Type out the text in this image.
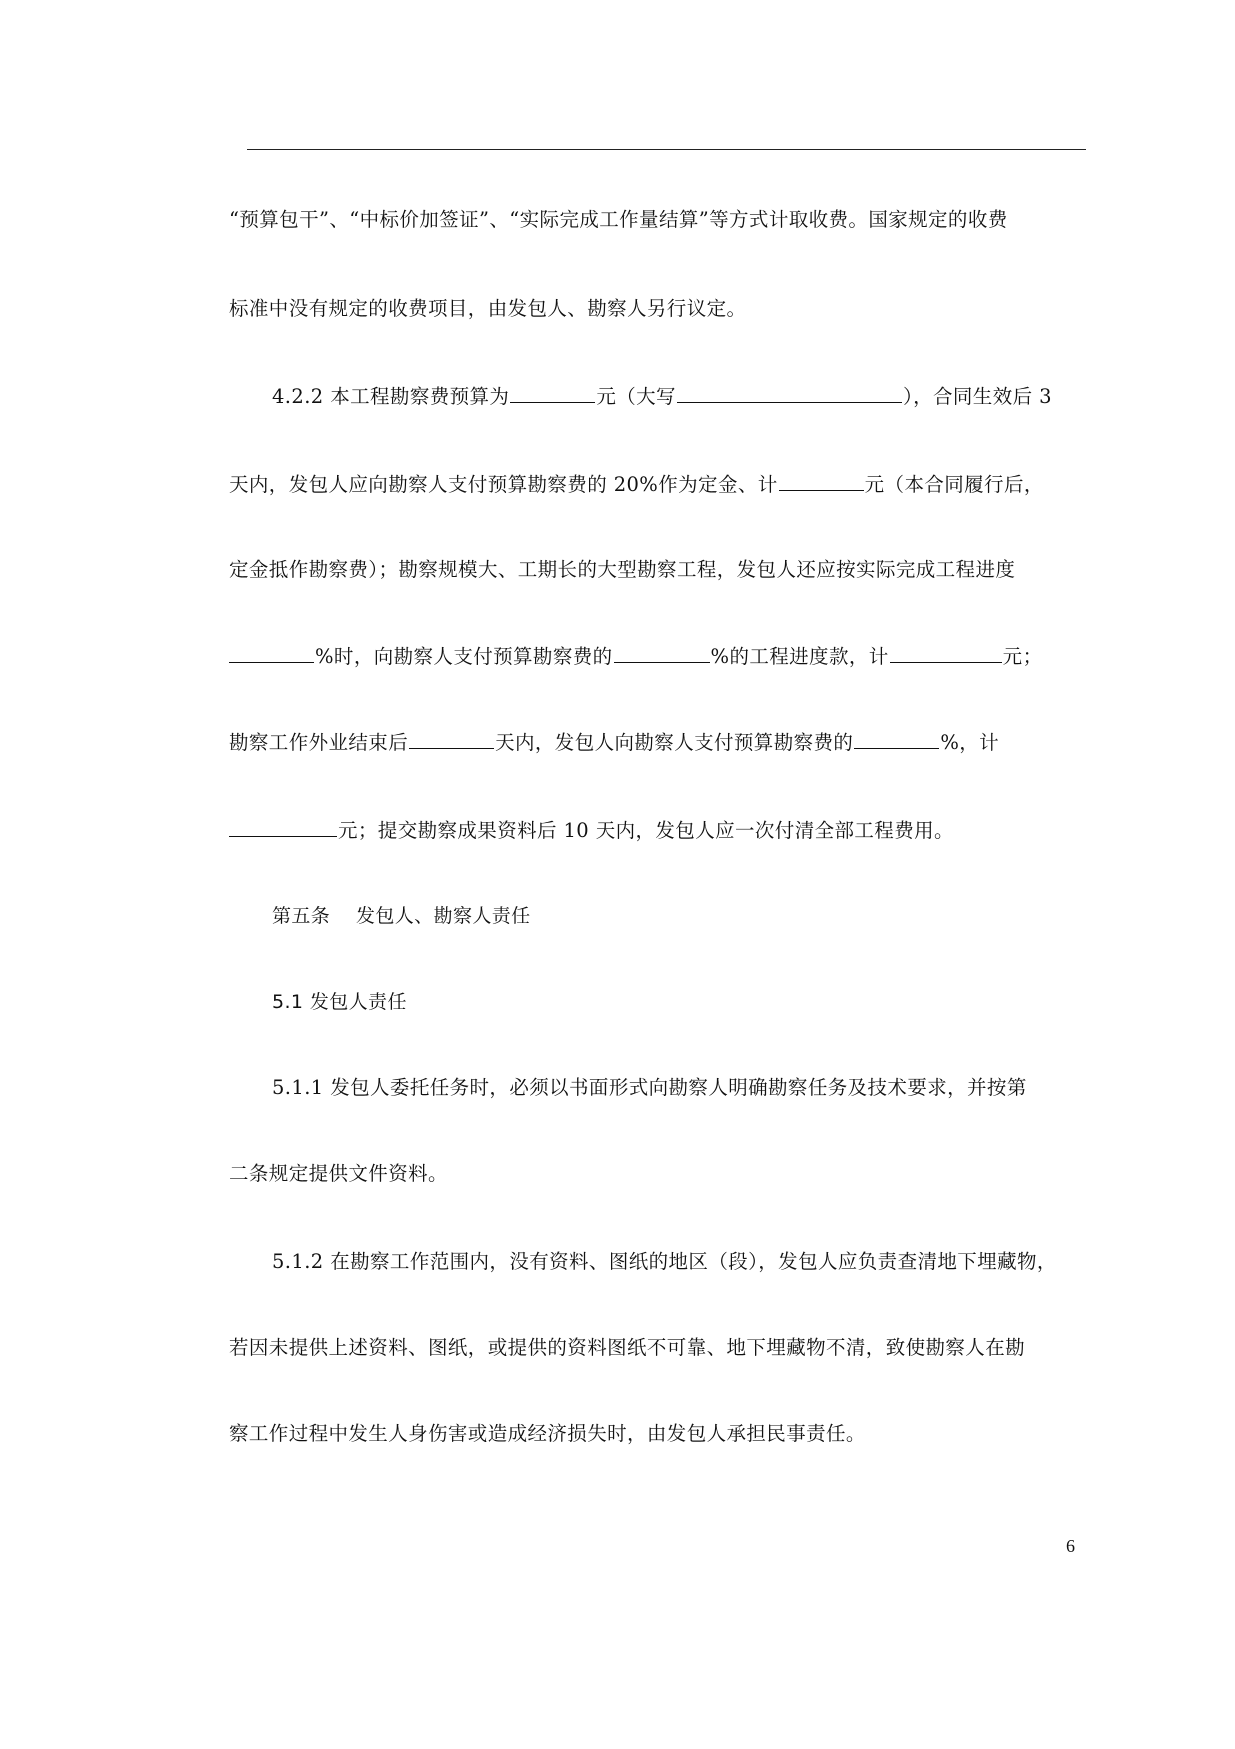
“预算包干”、“中标价加签证”、“实际完成工作量结算”等方式计取收费。国家规定的收费
标准中没有规定的收费项目，由发包人、勘察人另行议定。
4.2.2 本工程勘察费预算为	元（大写	），合同生效后 3
天内，发包人应向勘察人支付预算勘察费的 20%作为定金、计	元（本合同履行后，
定金抵作勘察费）；勘察规模大、工期长的大型勘察工程，发包人还应按实际完成工程进度
%时，向勘察人支付预算勘察费的	%的工程进度款，计	元；
勘察工作外业结束后	天内，发包人向勘察人支付预算勘察费的	%，计
元；提交勘察成果资料后 10 天内，发包人应一次付清全部工程费用。
第五条    发包人、勘察人责任
5.1 发包人责任
5.1.1 发包人委托任务时，必须以书面形式向勘察人明确勘察任务及技术要求，并按第
二条规定提供文件资料。
5.1.2 在勘察工作范围内，没有资料、图纸的地区（段），发包人应负责查清地下埋藏物，
若因未提供上述资料、图纸，或提供的资料图纸不可靠、地下埋藏物不清，致使勘察人在勘
察工作过程中发生人身伤害或造成经济损失时，由发包人承担民事责任。
6
